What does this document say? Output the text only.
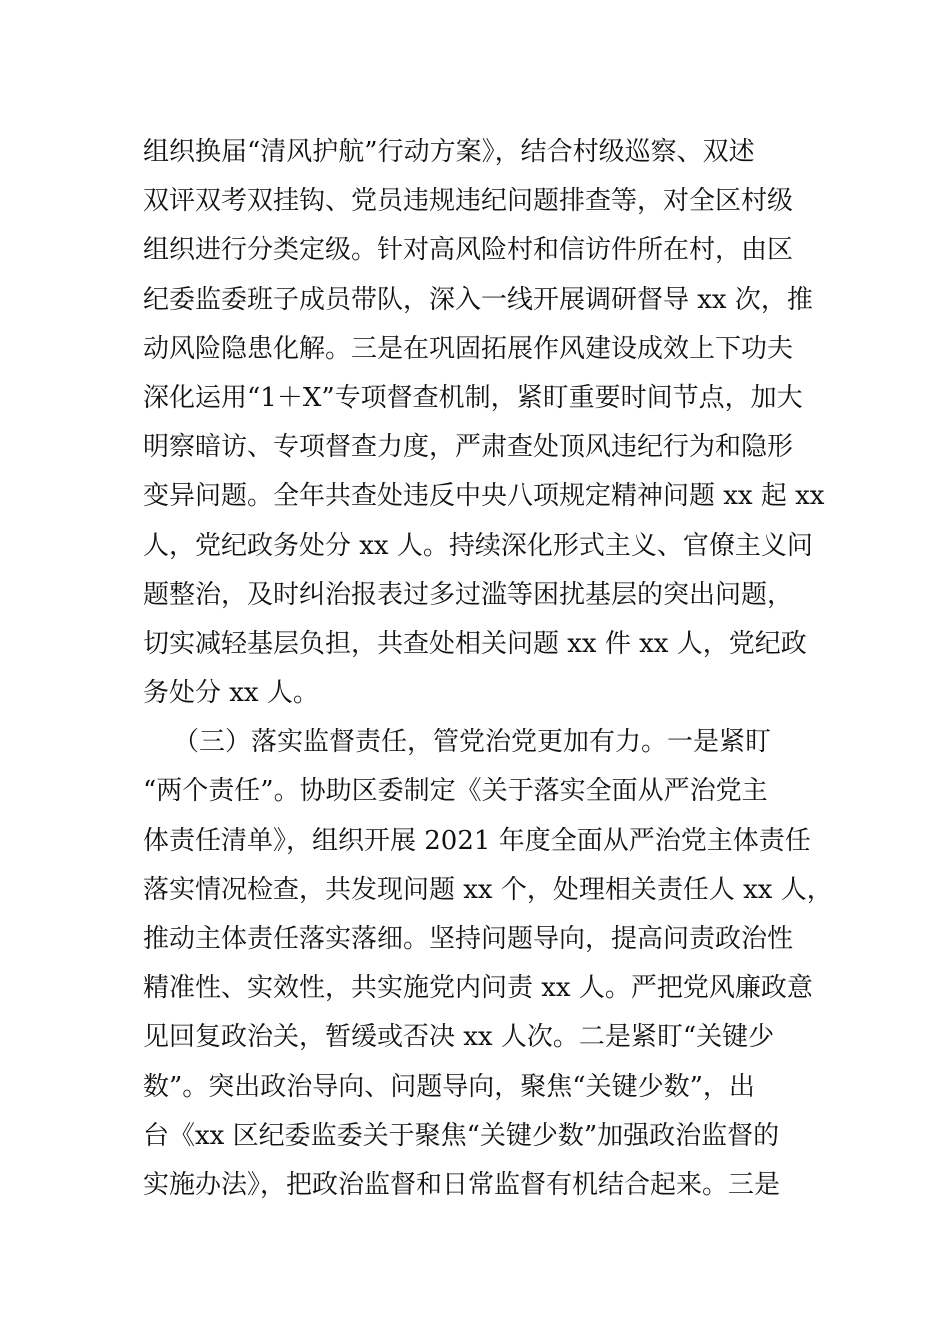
组织换届“清风护航”行动方案》，结合村级巡察、双述
双评双考双挂钩、党员违规违纪问题排查等，对全区村级
组织进行分类定级。针对高风险村和信访件所在村，由区
纪委监委班子成员带队，深入一线开展调研督导 xx 次，推
动风险隐患化解。三是在巩固拓展作风建设成效上下功夫
深化运用“1＋X”专项督查机制，紧盯重要时间节点，加大
明察暗访、专项督查力度，严肃查处顶风违纪行为和隐形
变异问题。全年共查处违反中央八项规定精神问题 xx 起 xx
人，党纪政务处分 xx 人。持续深化形式主义、官僚主义问
题整治，及时纠治报表过多过滥等困扰基层的突出问题，
切实减轻基层负担，共查处相关问题 xx 件 xx 人，党纪政
务处分 xx 人。
（三）落实监督责任，管党治党更加有力。一是紧盯
“两个责任”。协助区委制定《关于落实全面从严治党主
体责任清单》，组织开展 2021 年度全面从严治党主体责任
落实情况检查，共发现问题 xx 个，处理相关责任人 xx 人，
推动主体责任落实落细。坚持问题导向，提高问责政治性
精准性、实效性，共实施党内问责 xx 人。严把党风廉政意
见回复政治关，暂缓或否决 xx 人次。二是紧盯“关键少
数”。突出政治导向、问题导向，聚焦“关键少数”，出
台《xx 区纪委监委关于聚焦“关键少数”加强政治监督的
实施办法》，把政治监督和日常监督有机结合起来。三是
